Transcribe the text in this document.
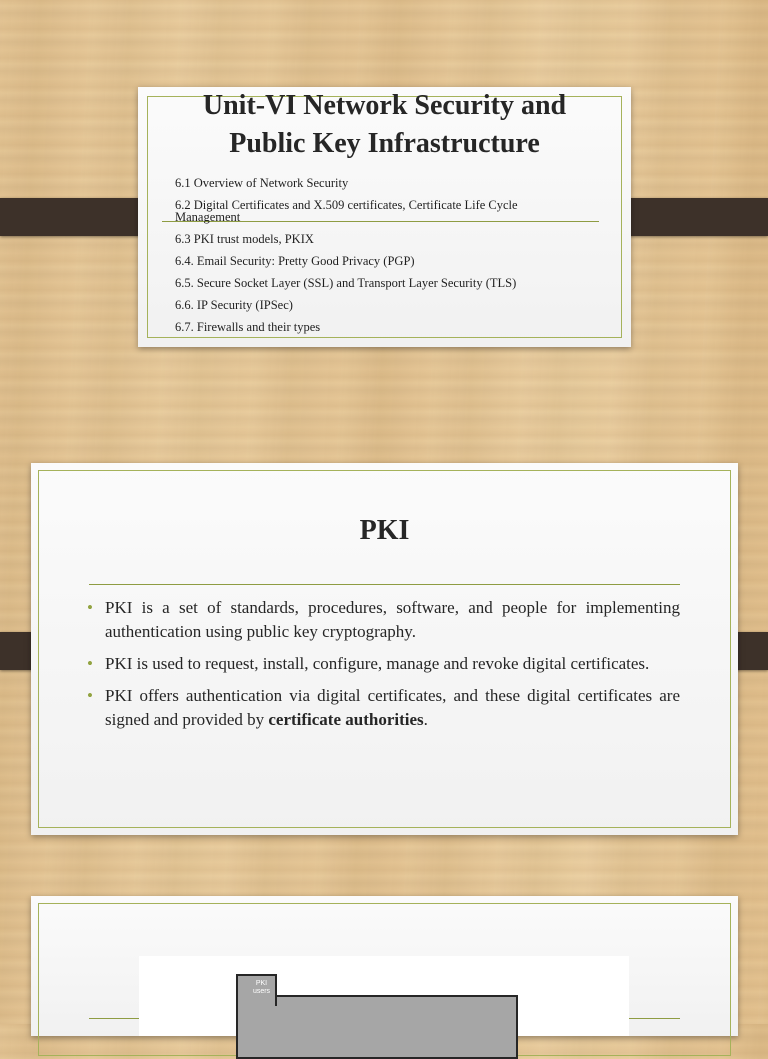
Unit-VI Network Security and
Public Key Infrastructure
6.1 Overview of Network Security
6.2 Digital Certificates and X.509 certificates, Certificate Life Cycle Management
6.3 PKI trust models, PKIX
6.4. Email Security: Pretty Good Privacy (PGP)
6.5. Secure Socket Layer (SSL) and Transport Layer Security (TLS)
6.6. IP Security (IPSec)
6.7. Firewalls and their types
PKI
• PKI is a set of standards, procedures, software, and people for implementing authentication using public key cryptography.
• PKI is used to request, install, configure, manage and revoke digital certificates.
• PKI offers authentication via digital certificates, and these digital certificates are signed and provided by certificate authorities.
PKI users
